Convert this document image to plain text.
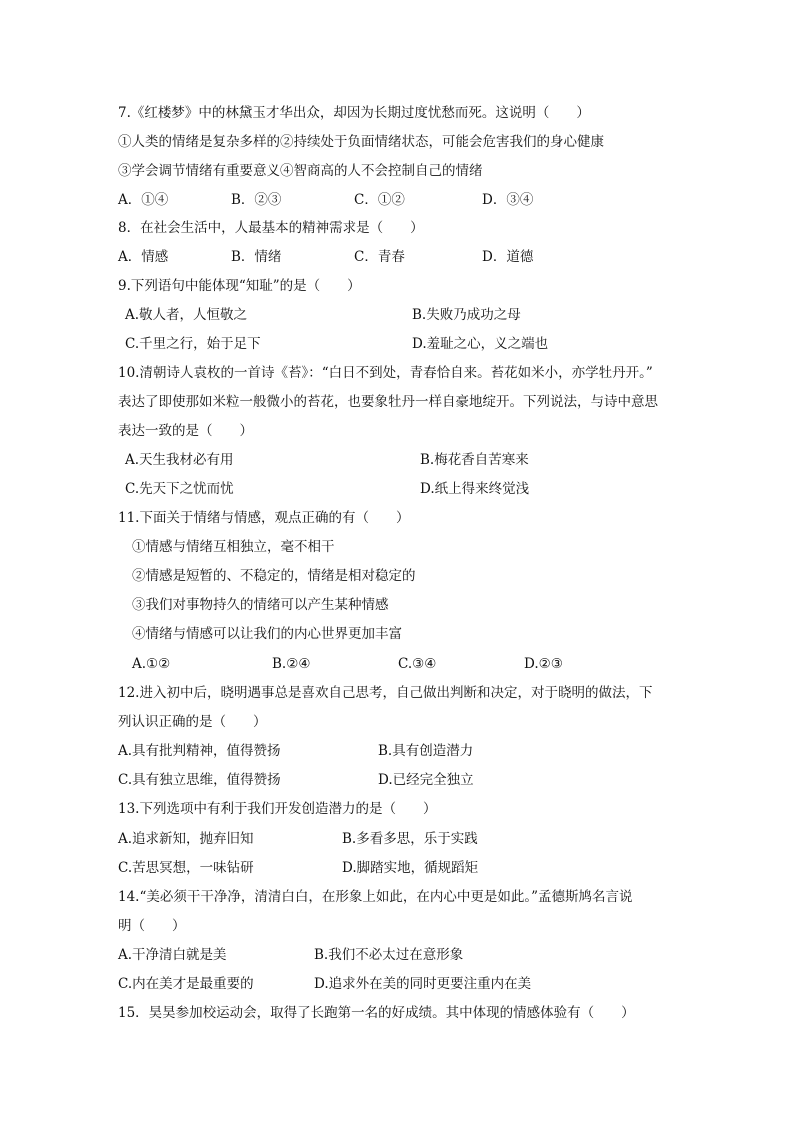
7.《红楼梦》中的林黛玉才华出众，却因为长期过度忧愁而死。这说明（　　）
①人类的情绪是复杂多样的②持续处于负面情绪状态，可能会危害我们的身心健康
③学会调节情绪有重要意义④智商高的人不会控制自己的情绪
A．①④	B．②③	C．①②	D．③④
8．在社会生活中，人最基本的精神需求是（　　）
A．情感	B．情绪	C．青春	D．道德
9.下列语句中能体现“知耻”的是（　　）
A.敬人者，人恒敬之	B.失败乃成功之母
C.千里之行，始于足下	D.羞耻之心，义之端也
10.清朝诗人袁枚的一首诗《苔》：“白日不到处，青春恰自来。苔花如米小，亦学牡丹开。”
表达了即使那如米粒一般微小的苔花，也要象牡丹一样自豪地绽开。下列说法，与诗中意思
表达一致的是（　　）
A.天生我材必有用	B.梅花香自苦寒来
C.先天下之忧而忧	D.纸上得来终觉浅
11.下面关于情绪与情感，观点正确的有（　　）
①情感与情绪互相独立，毫不相干
②情感是短暂的、不稳定的，情绪是相对稳定的
③我们对事物持久的情绪可以产生某种情感
④情绪与情感可以让我们的内心世界更加丰富
A.①②	B.②④	C.③④	D.②③
12.进入初中后，晓明遇事总是喜欢自己思考，自己做出判断和决定，对于晓明的做法，下
列认识正确的是（　　）
A.具有批判精神，值得赞扬	B.具有创造潜力
C.具有独立思维，值得赞扬	D.已经完全独立
13.下列选项中有利于我们开发创造潜力的是（　　）
A.追求新知，抛弃旧知	B.多看多思，乐于实践
C.苦思冥想，一味钻研	D.脚踏实地，循规蹈矩
14.“美必须干干净净，清清白白，在形象上如此，在内心中更是如此。”孟德斯鸠名言说
明（　　）
A.干净清白就是美	B.我们不必太过在意形象
C.内在美才是最重要的	D.追求外在美的同时更要注重内在美
15．昊昊参加校运动会，取得了长跑第一名的好成绩。其中体现的情感体验有（　　）
